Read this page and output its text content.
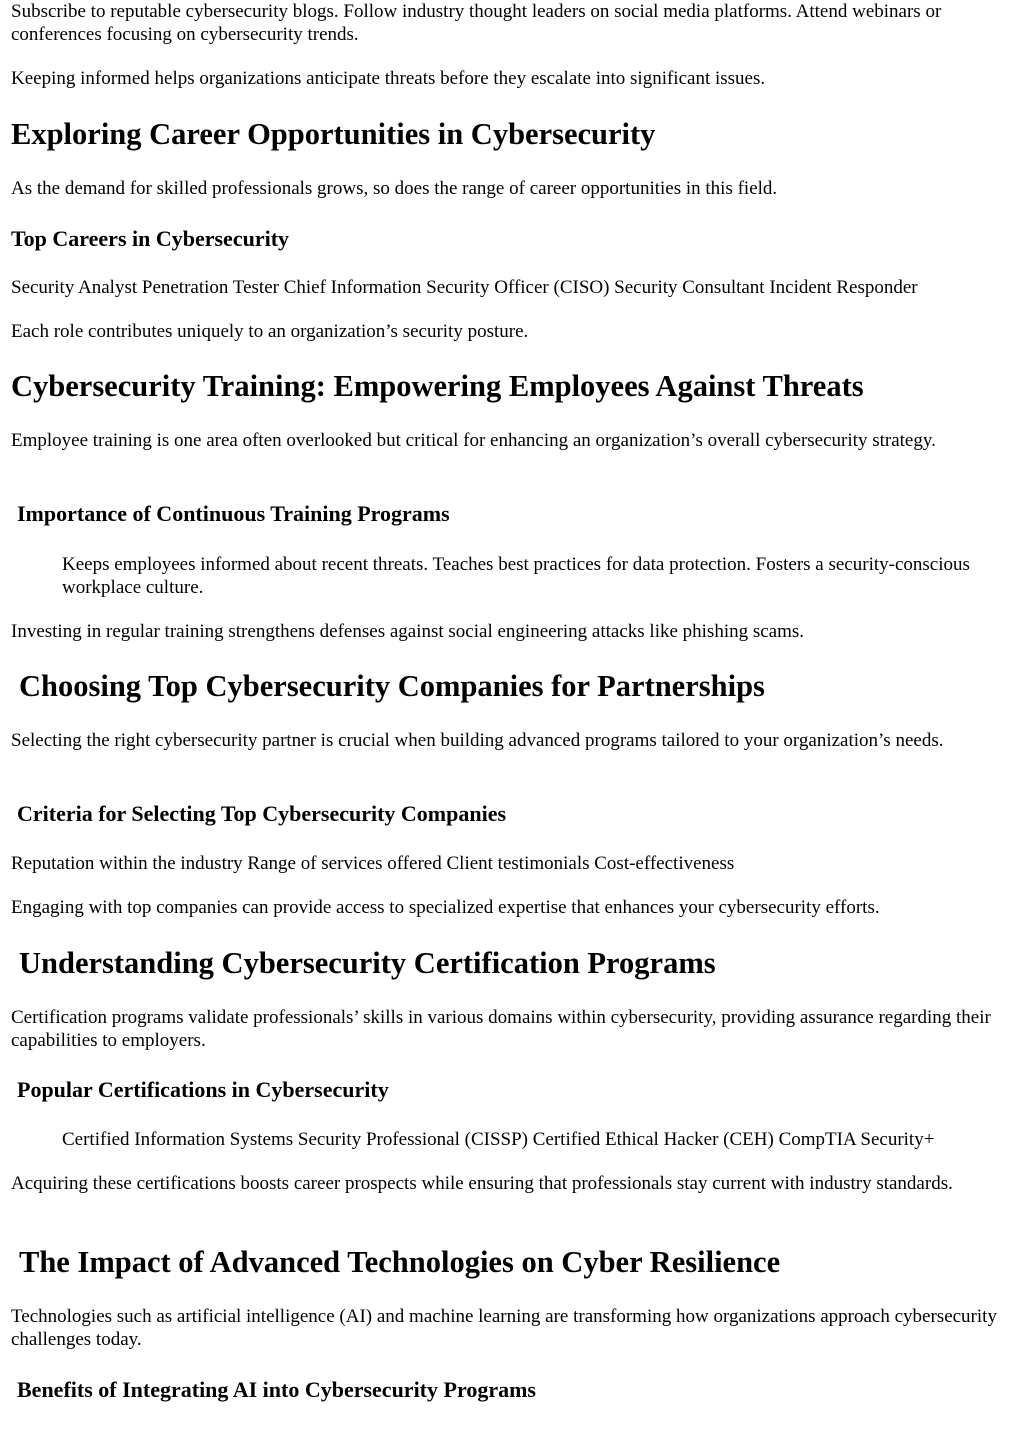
Subscribe to reputable cybersecurity blogs. Follow industry thought leaders on social media platforms. Attend webinars or conferences focusing on cybersecurity trends.

Keeping informed helps organizations anticipate threats before they escalate into significant issues.

Exploring Career Opportunities in Cybersecurity

As the demand for skilled professionals grows, so does the range of career opportunities in this field.

Top Careers in Cybersecurity

Security Analyst Penetration Tester Chief Information Security Officer (CISO) Security Consultant Incident Responder

Each role contributes uniquely to an organization’s security posture.

Cybersecurity Training: Empowering Employees Against Threats

Employee training is one area often overlooked but critical for enhancing an organization’s overall cybersecurity strategy.

Importance of Continuous Training Programs

Keeps employees informed about recent threats. Teaches best practices for data protection. Fosters a security-conscious workplace culture.

Investing in regular training strengthens defenses against social engineering attacks like phishing scams.

Choosing Top Cybersecurity Companies for Partnerships

Selecting the right cybersecurity partner is crucial when building advanced programs tailored to your organization’s needs.

Criteria for Selecting Top Cybersecurity Companies

Reputation within the industry Range of services offered Client testimonials Cost-effectiveness

Engaging with top companies can provide access to specialized expertise that enhances your cybersecurity efforts.

Understanding Cybersecurity Certification Programs

Certification programs validate professionals’ skills in various domains within cybersecurity, providing assurance regarding their capabilities to employers.

Popular Certifications in Cybersecurity

Certified Information Systems Security Professional (CISSP) Certified Ethical Hacker (CEH) CompTIA Security+

Acquiring these certifications boosts career prospects while ensuring that professionals stay current with industry standards.

The Impact of Advanced Technologies on Cyber Resilience

Technologies such as artificial intelligence (AI) and machine learning are transforming how organizations approach cybersecurity challenges today.

Benefits of Integrating AI into Cybersecurity Programs
